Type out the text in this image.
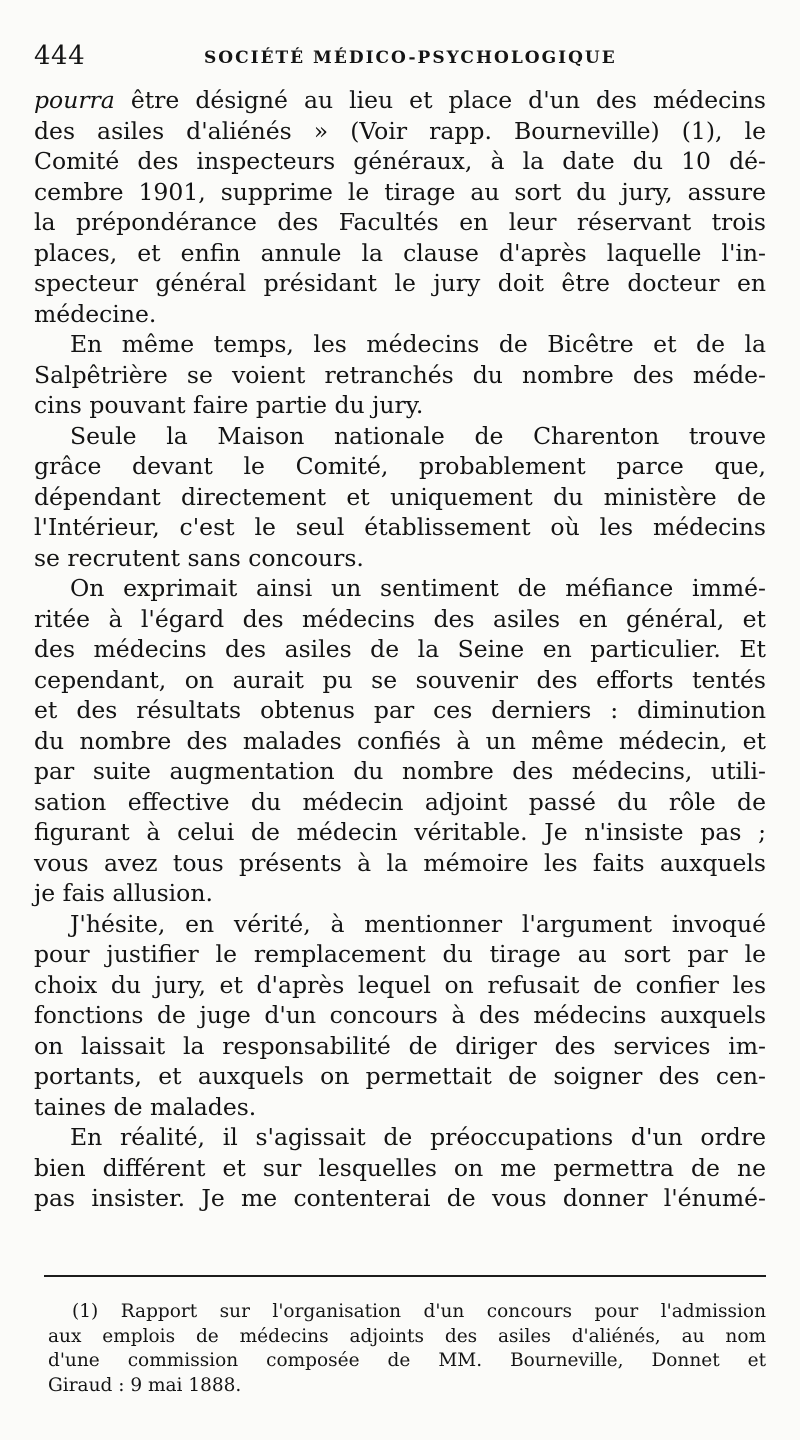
444	SOCIÉTÉ MÉDICO-PSYCHOLOGIQUE
pourra être désigné au lieu et place d'un des médecins
des asiles d'aliénés » (Voir rapp. Bourneville) (1), le
Comité des inspecteurs généraux, à la date du 10 dé-
cembre 1901, supprime le tirage au sort du jury, assure
la prépondérance des Facultés en leur réservant trois
places, et enfin annule la clause d'après laquelle l'in-
specteur général présidant le jury doit être docteur en
médecine.
En même temps, les médecins de Bicêtre et de la
Salpêtrière se voient retranchés du nombre des méde-
cins pouvant faire partie du jury.
Seule la Maison nationale de Charenton trouve
grâce devant le Comité, probablement parce que,
dépendant directement et uniquement du ministère de
l'Intérieur, c'est le seul établissement où les médecins
se recrutent sans concours.
On exprimait ainsi un sentiment de méfiance immé-
ritée à l'égard des médecins des asiles en général, et
des médecins des asiles de la Seine en particulier. Et
cependant, on aurait pu se souvenir des efforts tentés
et des résultats obtenus par ces derniers : diminution
du nombre des malades confiés à un même médecin, et
par suite augmentation du nombre des médecins, utili-
sation effective du médecin adjoint passé du rôle de
figurant à celui de médecin véritable. Je n'insiste pas ;
vous avez tous présents à la mémoire les faits auxquels
je fais allusion.
J'hésite, en vérité, à mentionner l'argument invoqué
pour justifier le remplacement du tirage au sort par le
choix du jury, et d'après lequel on refusait de confier les
fonctions de juge d'un concours à des médecins auxquels
on laissait la responsabilité de diriger des services im-
portants, et auxquels on permettait de soigner des cen-
taines de malades.
En réalité, il s'agissait de préoccupations d'un ordre
bien différent et sur lesquelles on me permettra de ne
pas insister. Je me contenterai de vous donner l'énumé-
(1) Rapport sur l'organisation d'un concours pour l'admission
aux emplois de médecins adjoints des asiles d'aliénés, au nom
d'une commission composée de MM. Bourneville, Donnet et
Giraud : 9 mai 1888.
